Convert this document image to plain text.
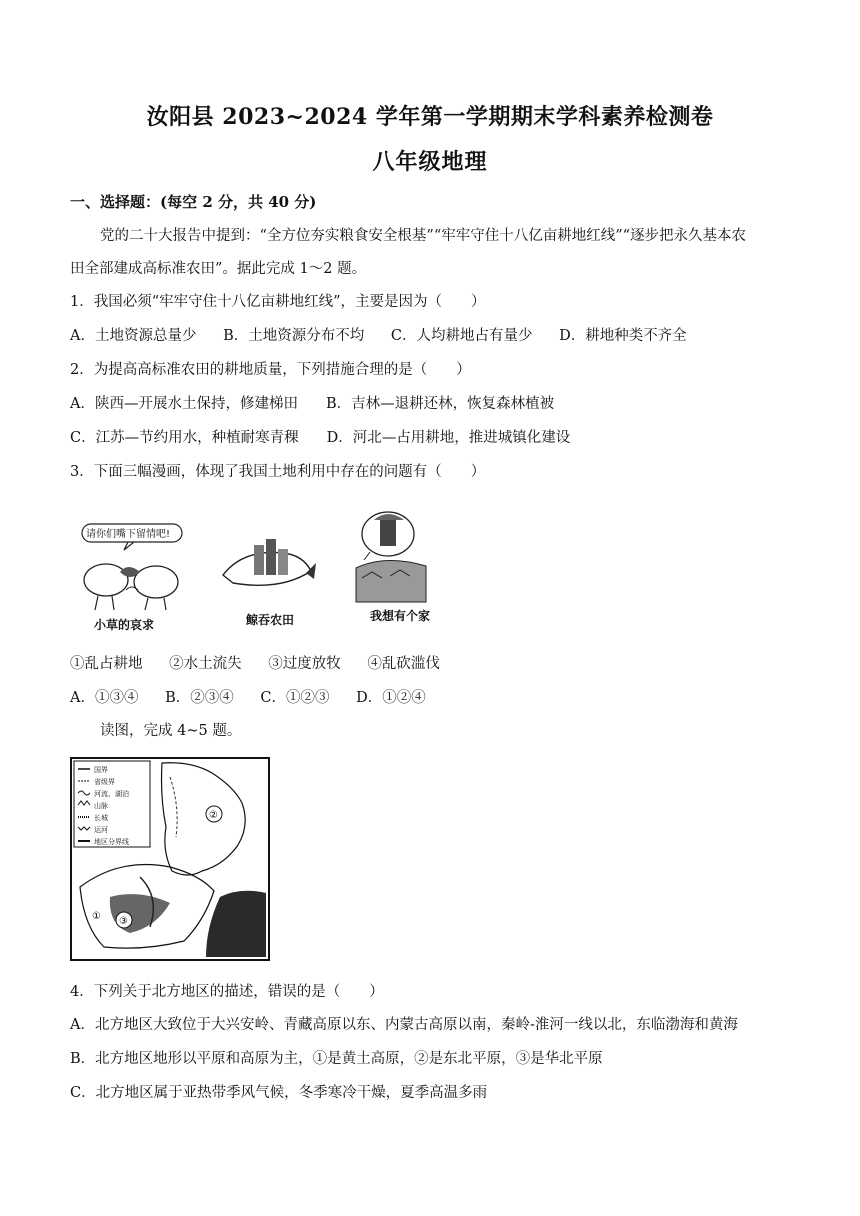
汝阳县 2023~2024 学年第一学期期末学科素养检测卷
八年级地理
一、选择题：(每空 2 分，共 40 分)
党的二十大报告中提到：“全方位夯实粮食安全根基”“牢牢守住十八亿亩耕地红线”“逐步把永久基本农
田全部建成高标准农田”。据此完成 1～2 题。
1．我国必须“牢牢守住十八亿亩耕地红线”，主要是因为（　　）
A．土地资源总量少 B．土地资源分布不均 C．人均耕地占有量少 D．耕地种类不齐全
2．为提高高标准农田的耕地质量，下列措施合理的是（　　）
A．陕西—开展水土保持，修建梯田 B．吉林—退耕还林，恢复森林植被
C．江苏—节约用水，种植耐寒青稞 D．河北—占用耕地，推进城镇化建设
3．下面三幅漫画，体现了我国土地利用中存在的问题有（　　）
小草的哀求
请你们嘴下留情吧!
鲸吞农田	我想有个家
①乱占耕地 ②水土流失 ③过度放牧 ④乱砍滥伐
A．①③④ B．②③④ C．①②③ D．①②④
读图，完成 4~5 题。
国界
省级界
河流、湖泊
山脉
长城
运河
地区分界线
②
③
①
4．下列关于北方地区的描述，错误的是（　　）
A．北方地区大致位于大兴安岭、青藏高原以东、内蒙古高原以南，秦岭-淮河一线以北，东临渤海和黄海
B．北方地区地形以平原和高原为主，①是黄土高原，②是东北平原，③是华北平原
C．北方地区属于亚热带季风气候，冬季寒冷干燥，夏季高温多雨
